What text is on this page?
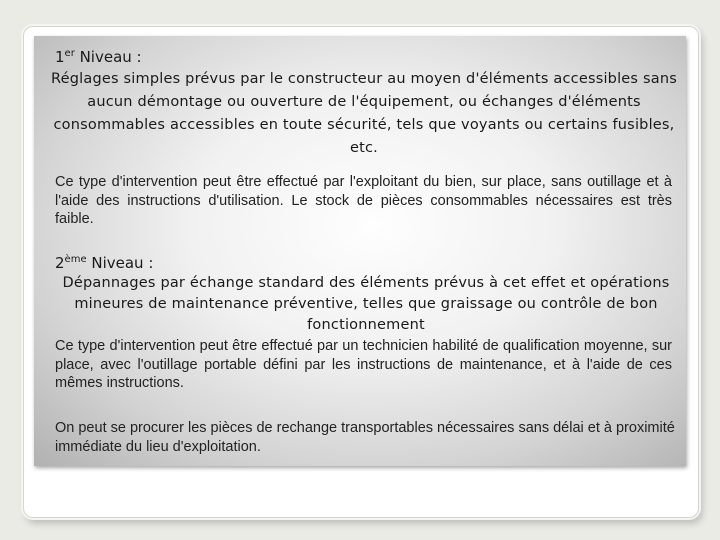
1er Niveau :
Réglages simples prévus par le constructeur au moyen d'éléments accessibles sans aucun démontage ou ouverture de l'équipement, ou échanges d'éléments consommables accessibles en toute sécurité, tels que voyants ou certains fusibles, etc.
Ce type d'intervention peut être effectué par l'exploitant du bien, sur place, sans outillage et à l'aide des instructions d'utilisation. Le stock de pièces consommables nécessaires est très faible.
2ème Niveau :
Dépannages par échange standard des éléments prévus à cet effet et opérations mineures de maintenance préventive, telles que graissage ou contrôle de bon fonctionnement
Ce type d'intervention peut être effectué par un technicien habilité de qualification moyenne, sur place, avec l'outillage portable défini par les instructions de maintenance, et à l'aide de ces mêmes instructions.
On peut se procurer les pièces de rechange transportables nécessaires sans délai et à proximité immédiate du lieu d'exploitation.
